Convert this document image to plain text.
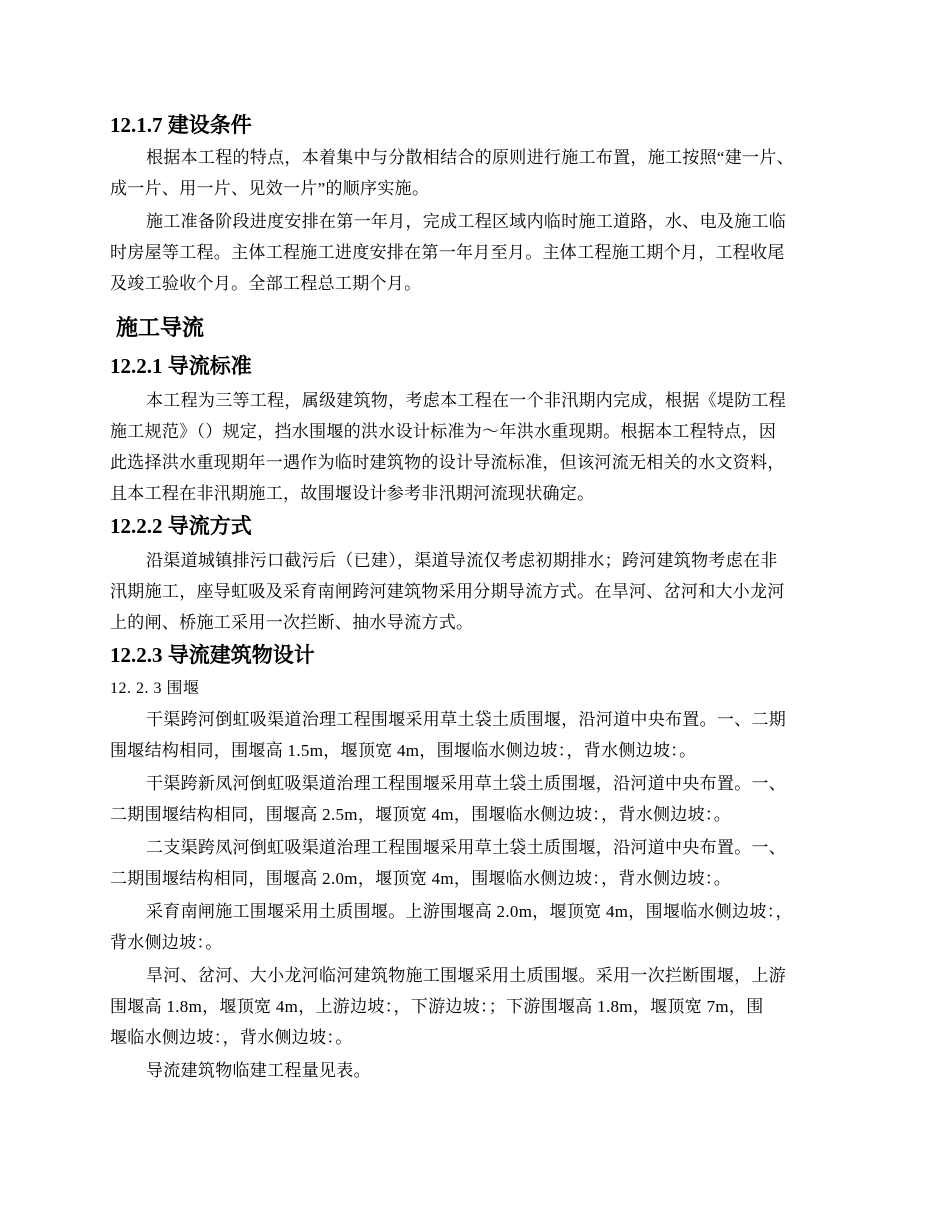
12.1.7 建设条件

根据本工程的特点，本着集中与分散相结合的原则进行施工布置，施工按照“建一片、
成一片、用一片、见效一片”的顺序实施。

施工准备阶段进度安排在第一年月，完成工程区域内临时施工道路，水、电及施工临
时房屋等工程。主体工程施工进度安排在第一年月至月。主体工程施工期个月，工程收尾
及竣工验收个月。全部工程总工期个月。

施工导流
12.2.1 导流标准

本工程为三等工程，属级建筑物，考虑本工程在一个非汛期内完成，根据《堤防工程
施工规范》（）规定，挡水围堰的洪水设计标准为～年洪水重现期。根据本工程特点，因
此选择洪水重现期年一遇作为临时建筑物的设计导流标准，但该河流无相关的水文资料，
且本工程在非汛期施工，故围堰设计参考非汛期河流现状确定。

12.2.2 导流方式

沿渠道城镇排污口截污后（已建），渠道导流仅考虑初期排水；跨河建筑物考虑在非
汛期施工，座导虹吸及采育南闸跨河建筑物采用分期导流方式。在旱河、岔河和大小龙河
上的闸、桥施工采用一次拦断、抽水导流方式。

12.2.3 导流建筑物设计
12. 2. 3 围堰

干渠跨河倒虹吸渠道治理工程围堰采用草土袋土质围堰，沿河道中央布置。一、二期
围堰结构相同，围堰高 1.5m，堰顶宽 4m，围堰临水侧边坡：，背水侧边坡：。

干渠跨新凤河倒虹吸渠道治理工程围堰采用草土袋土质围堰，沿河道中央布置。一、
二期围堰结构相同，围堰高 2.5m，堰顶宽 4m，围堰临水侧边坡：，背水侧边坡：。

二支渠跨凤河倒虹吸渠道治理工程围堰采用草土袋土质围堰，沿河道中央布置。一、
二期围堰结构相同，围堰高 2.0m，堰顶宽 4m，围堰临水侧边坡：，背水侧边坡：。

采育南闸施工围堰采用土质围堰。上游围堰高 2.0m，堰顶宽 4m，围堰临水侧边坡：，
背水侧边坡：。

旱河、岔河、大小龙河临河建筑物施工围堰采用土质围堰。采用一次拦断围堰，上游
围堰高 1.8m，堰顶宽 4m，上游边坡：，下游边坡：；下游围堰高 1.8m，堰顶宽 7m，围
堰临水侧边坡：，背水侧边坡：。

导流建筑物临建工程量见表。
